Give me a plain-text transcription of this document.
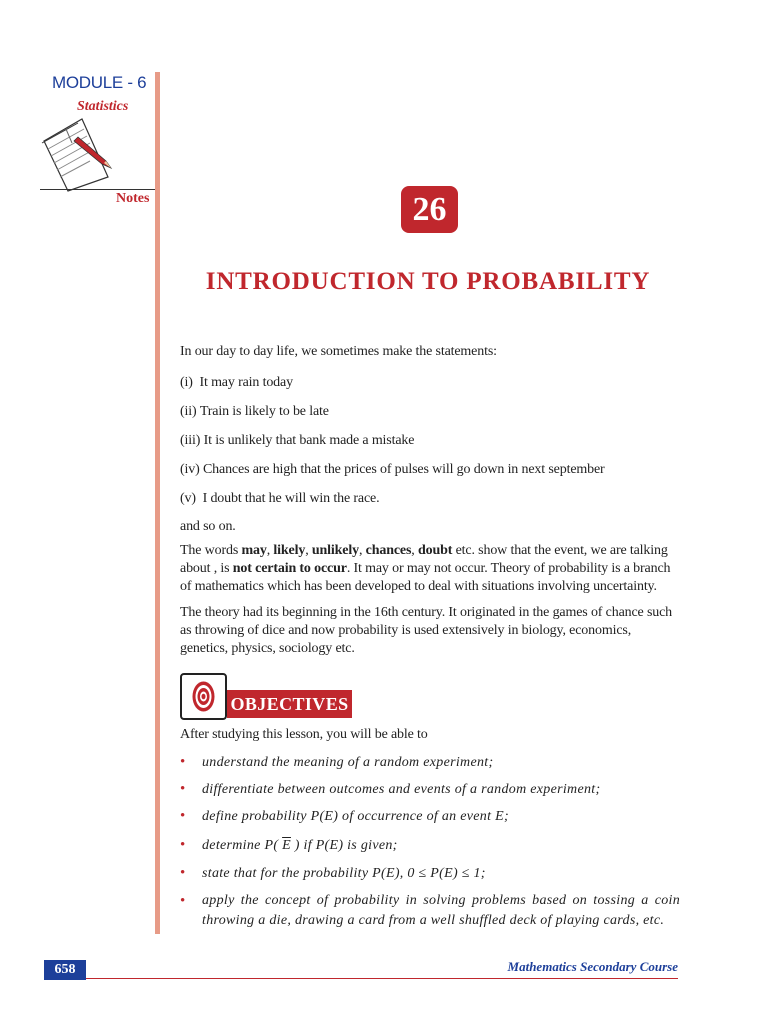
MODULE - 6
Statistics
Notes	26
INTRODUCTION TO PROBABILITY
In our day to day life, we sometimes make the statements:
(i) It may rain today
(ii) Train is likely to be late
(iii) It is unlikely that bank made a mistake
(iv) Chances are high that the prices of pulses will go down in next september
(v) I doubt that he will win the race.
and so on.
The words may, likely, unlikely, chances, doubt etc. show that the event, we are talking about , is not certain to occur. It may or may not occur. Theory of probability is a branch of mathematics which has been developed to deal with situations involving uncertainty.
The theory had its beginning in the 16th century. It originated in the games of chance such as throwing of dice and now probability is used extensively in biology, economics, genetics, physics, sociology etc.
OBJECTIVES
After studying this lesson, you will be able to
• understand the meaning of a random experiment;
• differentiate between outcomes and events of a random experiment;
• define probability P(E) of occurrence of an event E;
• determine P( $\overline{E}$ ) if P(E) is given;
• state that for the probability P(E), 0 ≤ P(E) ≤ 1;
•	apply the concept of probability in solving problems based on tossing a coin throwing a die, drawing a card from a well shuffled deck of playing cards, etc.
658	Mathematics Secondary Course
